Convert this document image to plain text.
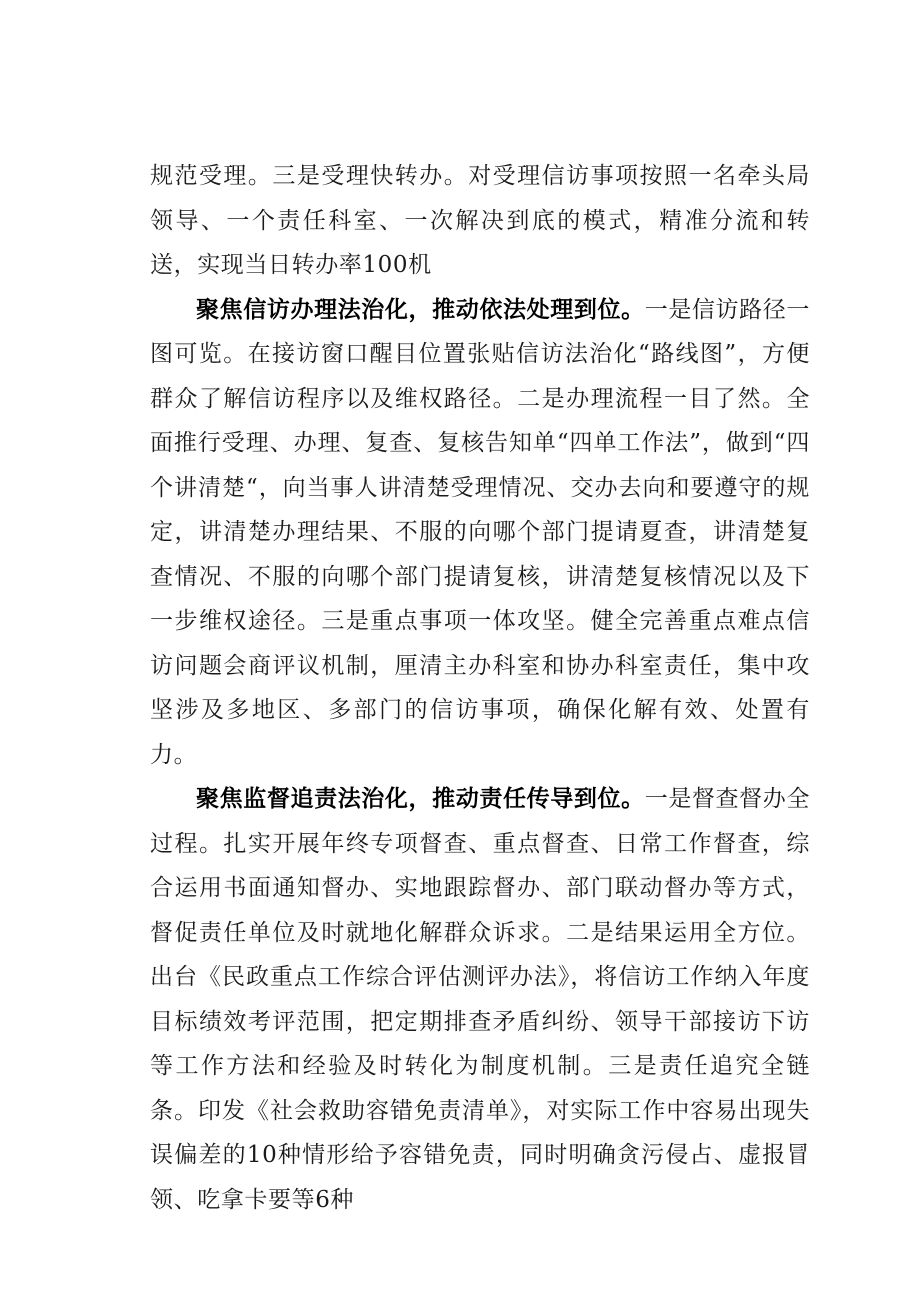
规范受理。三是受理快转办。对受理信访事项按照一名牵头局领导、一个责任科室、一次解决到底的模式，精准分流和转送，实现当日转办率100机

聚焦信访办理法治化，推动依法处理到位。一是信访路径一图可览。在接访窗口醒目位置张贴信访法治化“路线图”，方便群众了解信访程序以及维权路径。二是办理流程一目了然。全面推行受理、办理、复查、复核告知单“四单工作法”，做到“四个讲清楚“，向当事人讲清楚受理情况、交办去向和要遵守的规定，讲清楚办理结果、不服的向哪个部门提请夏查，讲清楚复查情况、不服的向哪个部门提请复核，讲清楚复核情况以及下一步维权途径。三是重点事项一体攻坚。健全完善重点难点信访问题会商评议机制，厘清主办科室和协办科室责任，集中攻坚涉及多地区、多部门的信访事项，确保化解有效、处置有力。

聚焦监督追责法治化，推动责任传导到位。一是督查督办全过程。扎实开展年终专项督查、重点督查、日常工作督查，综合运用书面通知督办、实地跟踪督办、部门联动督办等方式，督促责任单位及时就地化解群众诉求。二是结果运用全方位。出台《民政重点工作综合评估测评办法》，将信访工作纳入年度目标绩效考评范围，把定期排查矛盾纠纷、领导干部接访下访等工作方法和经验及时转化为制度机制。三是责任追究全链条。印发《社会救助容错免责清单》，对实际工作中容易出现失误偏差的10种情形给予容错免责，同时明确贪污侵占、虚报冒领、吃拿卡要等6种
